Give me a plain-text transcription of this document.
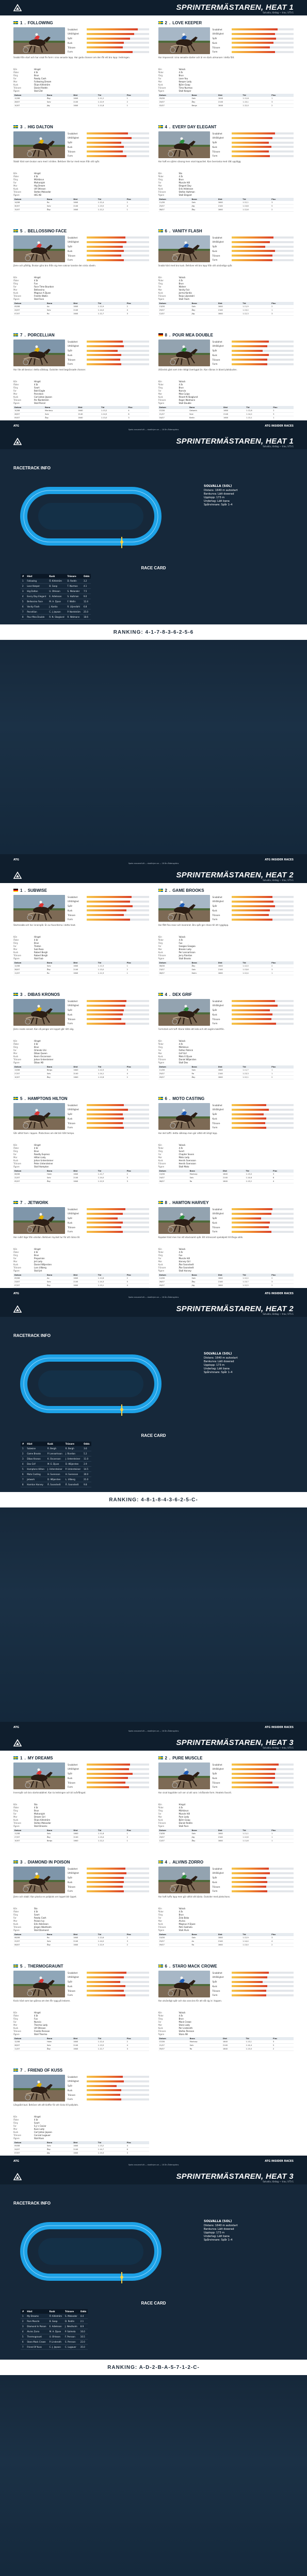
SPRINTERMÄSTAREN, HEAT 1
Solvalla, lördag — trav, V75-1
1 . FOLLOWING
Snabbhet
Uthållighet
Spår
Kusk
Tränare
Form
Snabb från start och har visat fin form i sina senaste lopp. Har goda chanser om den får ett bra lopp i ledningen.
Kön	Hingst
Ålder	4 år
Färg	Brun
Far	Ready Cash
Mor	Following Dream
Kusk	Örjan Kihlström
Tränare	Daniel Redén
Ägare	Stall Zet
Datum	Bana	Dist	Tid	Plac
12/08	Åby	1640	1.11,2	1
28/07	Solv	2140	1.12,9	2
10/07	Jäg	1640	1.11,8	1
2 . LOVE KEEPER
Snabbhet
Uthållighet
Spår
Kusk
Tränare
Form
Har imponerat i sina senaste starter och är en stark utmanare i detta fält.
Kön	Valack
Ålder	4 år
Färg	Brun
Far	Love You
Mor	Keeper Lady
Kusk	Björn Goop
Tränare	Timo Nurmos
Ägare	Stall Keeper
Datum	Bana	Dist	Tid	Plac
05/08	Solv	1640	1.11,6	1
20/07	Åby	2140	1.13,1	3
02/07	Bergs	1640	1.12,0	2
3 . HIG DALTON
Snabbhet
Uthållighet
Spår
Kusk
Tränare
Form
Stabil häst som brukar vara med i striden. Behöver lite tur med resan från sitt spår.
Kön	Hingst
Ålder	4 år
Färg	Mörkbrun
Far	Maharajah
Mor	Hig Dream
Kusk	Ulf Ohlsson
Tränare	Stefan Melander
Ägare	HIG AB
Datum	Bana	Dist	Tid	Plac
14/08	Ro	1640	1.12,4	2
30/07	Solv	2140	1.13,5	4
15/07	Åby	1640	1.12,2	1
4 . EVERY DAY ELEGANT
Snabbhet
Uthållighet
Spår
Kusk
Tränare
Form
Har haft en ojämn säsong men visat kapacitet. Kan överraska med rätt upplägg.
Kön	Sto
Ålder	4 år
Färg	Brun
Far	Muscle Hill
Mor	Elegant Day
Kusk	Erik Adielsson
Tränare	Stefan Hultman
Ägare	Stall Elegant
Datum	Bana	Dist	Tid	Plac
11/08	Solv	1640	1.12,1	3
25/07	Jäg	2140	1.13,8	5
08/07	Åby	1640	1.12,6	2
5 . BELLOSSINO FACE
Snabbhet
Uthållighet
Spår
Kusk
Tränare
Form
Jämn och pålitlig. Brukar göra bra ifrån sig men saknar kanske den sista växeln.
Kön	Hingst
Ålder	4 år
Färg	Fux
Far	Face Time Bourbon
Mor	Bellossina
Kusk	Magnus A Djuse
Tränare	Fredrik Wallin
Ägare	Stall Face
Datum	Bana	Dist	Tid	Plac
09/08	Ax	1640	1.12,9	2
24/07	Solv	2140	1.14,0	4
07/07	Ro	1640	1.12,7	3
6 . VANITY FLASH
Snabbhet
Uthållighet
Spår
Kusk
Tränare
Form
Snabb häst med bra kusk. Behöver ett bra lopp från sitt utvändiga spår.
Kön	Valack
Ålder	4 år
Färg	Brun
Far	Walner
Mor	Vanity Fair
Kusk	Jorma Kontio
Tränare	Reijo Liljendahl
Ägare	Stall Flash
Datum	Bana	Dist	Tid	Plac
13/08	Solv	1640	1.11,9	2
29/07	Åby	2140	1.13,2	1
12/07	Jäg	1640	1.12,3	3
7 . PORCELLIAN
Snabbhet
Uthållighet
Spår
Kusk
Tränare
Form
Har lite att bevisa i detta sällskap. Outsider med begränsade chanser.
Kön	Hingst
Ålder	4 år
Färg	Svart
Far	Bold Eagle
Mor	Porcelain
Kusk	Carl Johan Jepson
Tränare	Per Nordström
Ägare	Stall Porcel
Datum	Bana	Dist	Tid	Plac
10/08	Mantorp	1640	1.13,2	4
26/07	Solv	2140	1.14,5	6
09/07	Åby	1640	1.13,0	3
8 . POUR MEA DOUBLE
Snabbhet
Uthållighet
Spår
Kusk
Tränare
Form
Utländsk gäst som inte riktigt övertygat än. Kan räknas in bland platsbuden.
Kön	Valack
Ålder	4 år
Färg	Brun
Far	Nuncio
Mor	Mea Culpa
Kusk	Rikard N Skoglund
Tränare	Roger Walmann
Ägare	Stall Double
Datum	Bana	Dist	Tid	Plac
07/08	Gelsenk.	1600	1.12,8	2
21/07	Solv	2140	1.14,2	5
04/07	Berlin	1600	1.13,1	1
ATG	ATG INSIDER RACES
Spela ansvarsfullt — stodlinjen.se — 18 års åldersgräns
SPRINTERMÄSTAREN, HEAT 1
Solvalla, lördag — trav, V75-1
RACETRACK INFO
SOLVALLA (SOL)
Distans: 1640 m autostart
Bankurva: Lätt doserad
Upplopp: 173 m
Underlag: Lätt bana
Spårvinnare: Spår 1–4
RACE CARD
#	Häst	Kusk	Tränare	Odds
1	Following	Ö. Kihlström	D. Redén	3.2
2	Love Keeper	B. Goop	T. Nurmos	4.1
3	Hig Dalton	U. Ohlsson	S. Melander	7.5
4	Every Day Elegant	E. Adielsson	S. Hultman	9.0
5	Bellossino Face	M. A. Djuse	F. Wallin	12.4
6	Vanity Flash	J. Kontio	R. Liljendahl	6.8
7	Porcellian	C. J. Jepson	P. Nordström	25.0
8	Pour Mea Double	R. N. Skoglund	R. Walmann	18.6
RANKING: 4-1-7-8-3-6-2-5-6
ATG	ATG INSIDER RACES
Spela ansvarsfullt — stodlinjen.se — 18 års åldersgräns
SPRINTERMÄSTAREN, HEAT 2
Solvalla, lördag — trav, V75-1
1 . SUBWISE
Snabbhet
Uthållighet
Spår
Kusk
Tränare
Form
Startsnabb och har innerspår. En av favoriterna i detta heat.
Kön	Hingst
Ålder	4 år
Färg	Brun
Far	Trixton
Mor	Sub Rosa
Kusk	Robert Bergh
Tränare	Robert Bergh
Ägare	Stall Sub
Datum	Bana	Dist	Tid	Plac
12/08	Solv	1640	1.11,5	1
28/07	Åby	2140	1.13,0	2
11/07	Ro	1640	1.11,9	1
2 . GAME BROOKS
Snabbhet
Uthållighet
Spår
Kusk
Tränare
Form
Har fått fina resor och levererat. Bra spår ger chans till ett rygglopp.
Kön	Valack
Ålder	4 år
Färg	Fux
Far	Googoo Gaagaa
Mor	Brooks Lady
Kusk	Per Lennartsson
Tränare	Jerry Riordan
Ägare	Stall Brooks
Datum	Bana	Dist	Tid	Plac
08/08	Åby	1640	1.12,0	2
23/07	Solv	2140	1.13,6	3
06/07	Halm	1640	1.12,4	1
3 . DIBAS KRONOS
Snabbhet
Uthållighet
Spår
Kusk
Tränare
Form
Jämn insats senast. Kan nå pengar om loppet går rätt väg.
Kön	Hingst
Ålder	4 år
Färg	Brun
Far	Orlando Vici
Mor	Dibas Queen
Kusk	Kevin Oscarsson
Tränare	Johan Untersteiner
Ägare	Dibas AB
Datum	Bana	Dist	Tid	Plac
13/08	Bergs	1640	1.12,5	3
27/07	Solv	2140	1.14,1	4
10/07	Åby	1640	1.12,8	2
4 . DEX GRIF
Snabbhet
Uthållighet
Spår
Kusk
Tränare
Form
Formstark och tuff. Klarar både att leda och att avgöra bakifrån.
Kön	Valack
Ålder	4 år
Färg	Mörkbrun
Far	Father Patrick
Mor	Grif Girl
Kusk	Mats E Djuse
Tränare	Daniel Wäjersten
Ägare	Stall Dex
Datum	Bana	Dist	Tid	Plac
11/08	Solv	1640	1.11,7	1
25/07	Ro	2140	1.13,3	1
09/07	Åby	1640	1.12,1	2
5 . HAMPTONS HILTON
Snabbhet
Uthållighet
Spår
Kusk
Tränare
Form
Går alltid fram i loppen. Platschans om det blir hårt tempo.
Kön	Hingst
Ålder	4 år
Färg	Brun
Far	Readly Express
Mor	Hilton Lady
Kusk	Johan Untersteiner
Tränare	Peter Untersteiner
Ägare	Stall Hampton
Datum	Bana	Dist	Tid	Plac
06/08	Halm	1640	1.12,7	2
22/07	Solv	2140	1.14,0	5
05/07	Åby	1640	1.12,9	3
6 . MOTO CASTING
Snabbhet
Uthållighet
Spår
Kusk
Tränare
Form
Har det tufft i detta sällskap men gör alltid ett ärligt lopp.
Kön	Valack
Ålder	4 år
Färg	Svart
Far	Chapter Seven
Mor	Moto Lady
Kusk	Henrik Svensson
Tränare	Henrik Svensson
Ägare	Stall Moto
Datum	Bana	Dist	Tid	Plac
10/08	Mantorp	1640	1.13,0	3
24/07	Solv	2140	1.14,6	6
08/07	Ro	1640	1.13,2	4
7 . JETWORK
Snabbhet
Uthållighet
Spår
Kusk
Tränare
Form
Har svårt läge från utsidan. Behöver mycket tur för att räcka till.
Kön	Hingst
Ålder	4 år
Färg	Brun
Far	Propulsion
Mor	Jet Lady
Kusk	Daniel Wäjersten
Tränare	Lars Ullberg
Ägare	Stall Jet
Datum	Bana	Dist	Tid	Plac
09/08	Ax	1640	1.12,8	2
23/07	Solv	2140	1.14,3	5
07/07	Åby	1640	1.13,1	4
8 . HAMTON HARVEY
Snabbhet
Uthållighet
Spår
Kusk
Tränare
Form
Kapabel häst men har ett otacksamt spår. Ett intressant spelobjekt till långa odds.
Kön	Valack
Ålder	4 år
Färg	Fux
Far	Muscle Hill
Mor	Harvey Girl
Kusk	Åke Svanstedt
Tränare	Åke Svanstedt
Ägare	Stall Harvey
Datum	Bana	Dist	Tid	Plac
12/08	Solv	1640	1.12,2	2
26/07	Åby	2140	1.13,7	3
09/07	Jäg	1640	1.12,5	2
ATG	ATG INSIDER RACES
Spela ansvarsfullt — stodlinjen.se — 18 års åldersgräns
SPRINTERMÄSTAREN, HEAT 2
Solvalla, lördag — trav, V75-1
RACETRACK INFO
SOLVALLA (SOL)
Distans: 1640 m autostart
Bankurva: Lätt doserad
Upplopp: 173 m
Underlag: Lätt bana
Spårvinnare: Spår 1–4
RACE CARD
#	Häst	Kusk	Tränare	Odds
1	Subwise	R. Bergh	R. Bergh	3.6
2	Game Brooks	P. Lennartsson	J. Riordan	5.2
3	Dibas Kronos	K. Oscarsson	J. Untersteiner	11.0
4	Dex Grif	M. E. Djuse	D. Wäjersten	2.9
5	Hamptons Hilton	J. Untersteiner	P. Untersteiner	14.5
6	Moto Casting	H. Svensson	H. Svensson	30.0
7	Jetwork	D. Wäjersten	L. Ullberg	21.0
8	Hamton Harvey	Å. Svanstedt	Å. Svanstedt	9.8
RANKING: 4-8-1-8-4-3-6-2-5-C-
ATG	ATG INSIDER RACES
Spela ansvarsfullt — stodlinjen.se — 18 års åldersgräns
SPRINTERMÄSTAREN, HEAT 3
Solvalla, lördag — trav, V75-1
1 . MY DREAMS
Snabbhet
Uthållighet
Spår
Kusk
Tränare
Form
Innerspår och bra startsnabbhet. Kan ta ledningen och bli svårfångad.
Kön	Sto
Ålder	4 år
Färg	Brun
Far	Maharajah
Mor	Dream Girl
Kusk	Örjan Kihlström
Tränare	Stefan Melander
Ägare	Stall Dreams
Datum	Bana	Dist	Tid	Plac
11/08	Solv	1640	1.11,8	1
27/07	Åby	2140	1.13,4	2
10/07	Bergs	1640	1.12,2	1
2 . PURE MUSCLE
Snabbhet
Uthållighet
Spår
Kusk
Tränare
Form
Har visat topptider och ser ut att vara i strålande form. Heatets favorit.
Kön	Hingst
Ålder	4 år
Färg	Mörkbrun
Far	Muscle Hill
Mor	Pure Lady
Kusk	Björn Goop
Tränare	Daniel Redén
Ägare	Stall Pure
Datum	Bana	Dist	Tid	Plac
13/08	Solv	1640	1.11,1	1
29/07	Jäg	2140	1.12,8	1
12/07	Åby	1640	1.11,6	1
3 . DIAMOND IN POISON
Snabbhet
Uthållighet
Spår
Kusk
Tränare
Form
Jämn och stabil. Kan plocka en pallplats om loppet blir öppet.
Kön	Sto
Ålder	4 år
Färg	Svart
Far	Ready Cash
Mor	Poison Ivy
Kusk	Erik Adielsson
Tränare	Jörgen Westholm
Ägare	Stall Diamond
Datum	Bana	Dist	Tid	Plac
08/08	Ro	1640	1.12,6	2
22/07	Solv	2140	1.14,0	3
06/07	Åby	1640	1.12,9	2
4 . ALVINS ZORRO
Snabbhet
Uthållighet
Spår
Kusk
Tränare
Form
Har haft tuffa lopp men gör alltid sitt bästa. Outsider med platschans.
Kön	Valack
Ålder	4 år
Färg	Brun
Far	Zola Boko
Mor	Alvina
Kusk	Magnus A Djuse
Tränare	Petri Salmela
Ägare	Stall Alvin
Datum	Bana	Dist	Tid	Plac
10/08	Solv	1640	1.12,9	3
25/07	Ax	2140	1.14,4	4
09/07	Ro	1640	1.13,0	2
5 . THERMOGRAUNT
Snabbhet
Uthållighet
Spår
Kusk
Tränare
Form
Kvick häst som kan glänsa om den får rygg på ledaren.
Kön	Hingst
Ålder	4 år
Färg	Fux
Far	Nuncio
Mor	Thermo Lady
Kusk	Ulf Ohlsson
Tränare	Fredrik Persson
Ägare	Stall Thermo
Datum	Bana	Dist	Tid	Plac
12/08	Halm	1640	1.12,4	2
28/07	Solv	2140	1.13,9	4
11/07	Åby	1640	1.12,7	3
6 . STARO MACK CROWE
Snabbhet
Uthållighet
Spår
Kusk
Tränare
Form
Har utvändigt spår och ska vara bra för att slå sig in i toppen.
Kön	Valack
Ålder	4 år
Färg	Brun
Far	Mack Crowe
Mor	Staro Lady
Kusk	Per Linderoth
Tränare	Stefan Persson
Ägare	Staro AB
Datum	Bana	Dist	Tid	Plac
07/08	Mantorp	1640	1.13,1	3
21/07	Solv	2140	1.14,4	5
05/07	Ro	1640	1.13,0	2
7 . FRIEND OF KUSS
Snabbhet
Uthållighet
Spår
Kusk
Tränare
Form
Långsökt bud. Behöver att allt klaffar för att räcka till pallplats.
Kön	Hingst
Ålder	4 år
Färg	Svart
Far	S.J.'s Caviar
Mor	Kuss Lady
Kusk	Carl Johan Jepson
Tränare	Conrad Lugauer
Ägare	Stall Kuss
Datum	Bana	Dist	Tid	Plac
09/08	Solv	1640	1.13,2	4
24/07	Åby	2140	1.14,7	6
07/07	Jäg	1640	1.13,3	3
ATG	ATG INSIDER RACES
Spela ansvarsfullt — stodlinjen.se — 18 års åldersgräns
SPRINTERMÄSTAREN, HEAT 3
Solvalla, lördag — trav, V75-1
RACETRACK INFO
SOLVALLA (SOL)
Distans: 1640 m autostart
Bankurva: Lätt doserad
Upplopp: 173 m
Underlag: Lätt bana
Spårvinnare: Spår 1–4
RACE CARD
#	Häst	Kusk	Tränare	Odds
1	My Dreams	Ö. Kihlström	S. Melander	4.4
2	Pure Muscle	B. Goop	D. Redén	2.1
3	Diamond In Poison	E. Adielsson	J. Westholm	8.9
4	Alvins Zorro	M. A. Djuse	P. Salmela	16.0
5	Thermograunt	U. Ohlsson	F. Persson	10.5
6	Staro Mack Crowe	P. Linderoth	S. Persson	22.0
7	Friend Of Kuss	C. J. Jepson	C. Lugauer	35.0
RANKING: A-D-2-B-A-5-7-1-2-C-
